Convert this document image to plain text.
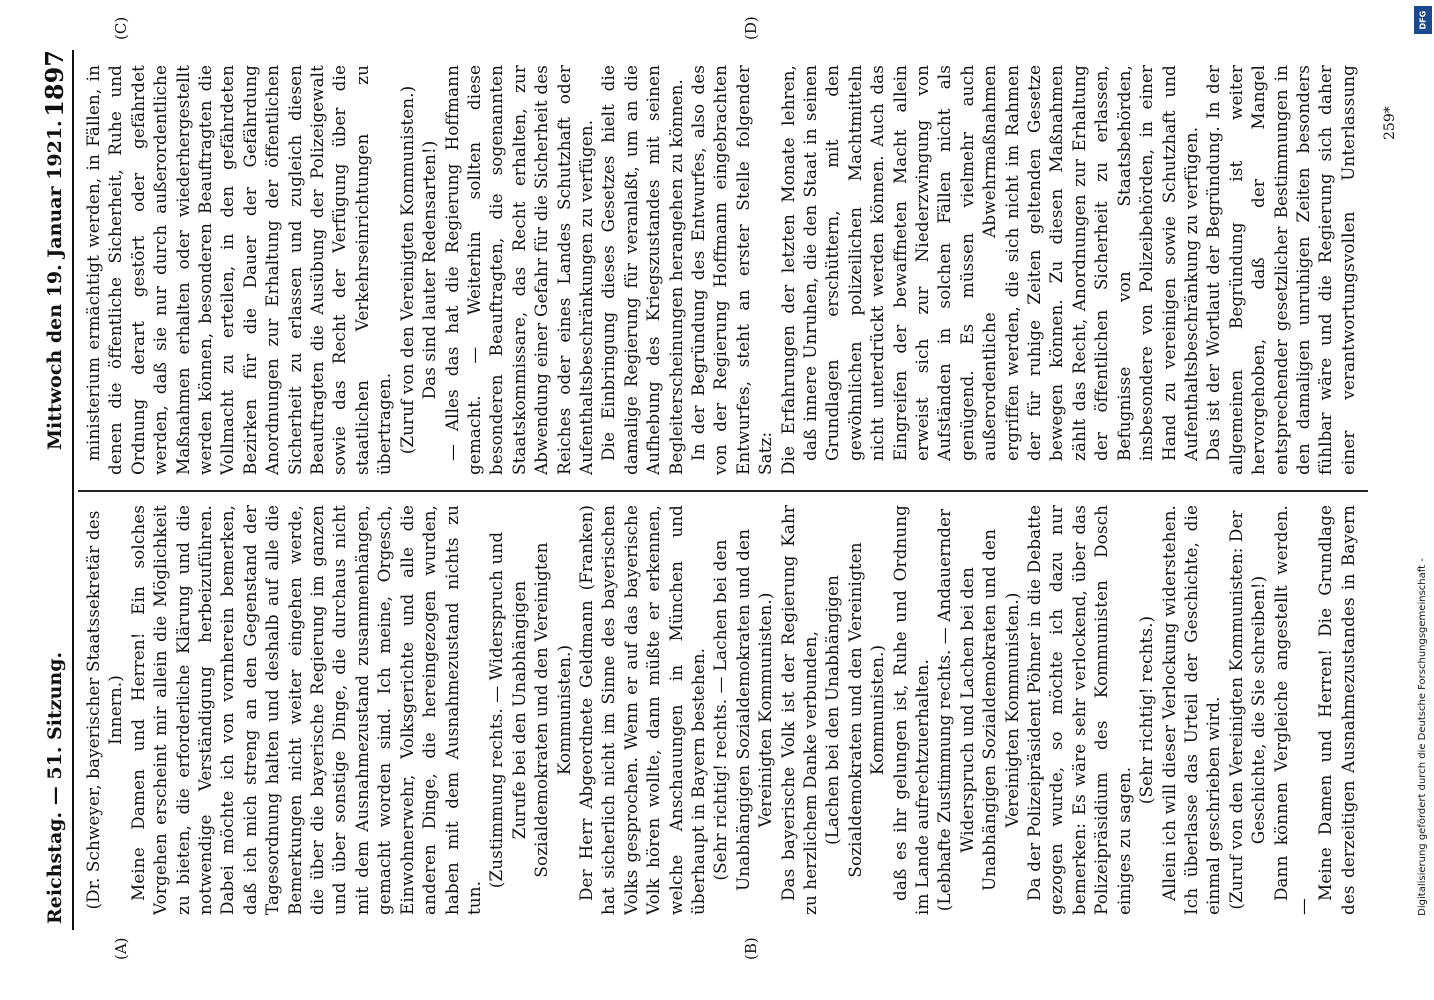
Reichstag. — 51. Sitzung.
Mittwoch den 19. Januar 1921.
1897
(A)	(B)
(C)	(D)

(Dr. Schweyer, bayerischer Staatssekretär des Innern.) Meine Damen und Herren! Ein solches Vorgehen erscheint mir allein die Möglichkeit zu bieten, die erforderliche Klärung und die notwendige Verständigung herbeizuführen. Dabei möchte ich von vornherein bemerken, daß ich mich streng an den Gegenstand der Tagesordnung halten und deshalb auf alle die Bemerkungen nicht weiter eingehen werde, die über die bayerische Regierung im ganzen und über sonstige Dinge, die durchaus nicht mit dem Ausnahmezustand zusammenhängen, gemacht worden sind. Ich meine, Orgesch, Einwohnerwehr, Volksgerichte und alle die anderen Dinge, die hereingezogen wurden, haben mit dem Ausnahmezustand nichts zu tun.

(Zustimmung rechts. — Widerspruch und Zurufe bei den Unabhängigen Sozialdemokraten und den Vereinigten Kommunisten.) Der Herr Abgeordnete Geldmann (Franken) hat sicherlich nicht im Sinne des bayerischen Volks gesprochen. Wenn er auf das bayerische Volk hören wollte, dann müßte er erkennen, welche Anschauungen in München und überhaupt in Bayern bestehen. (Sehr richtig! rechts. — Lachen bei den Unabhängigen Sozialdemokraten und den Vereinigten Kommunisten.) Das bayerische Volk ist der Regierung Kahr zu herzlichem Danke verbunden, (Lachen bei den Unabhängigen Sozialdemokraten und den Vereinigten Kommunisten.) daß es ihr gelungen ist, Ruhe und Ordnung im Lande aufrechtzuerhalten. (Lebhafte Zustimmung rechts. — Andauernder Widerspruch und Lachen bei den Unabhängigen Sozialdemokraten und den Vereinigten Kommunisten.) Da der Polizeipräsident Pöhner in die Debatte gezogen wurde, so möchte ich dazu nur bemerken: Es wäre sehr verlockend, über das Polizeipräsidium des Kommunisten Dosch einiges zu sagen.

(Sehr richtig! rechts.) Allein ich will dieser Verlockung widerstehen. Ich überlasse das Urteil der Geschichte, die einmal geschrieben wird. (Zuruf von den Vereinigten Kommunisten: Der Geschichte, die Sie schreiben!) Dann können Vergleiche angestellt werden. —

Meine Damen und Herren! Die Grundlage des derzeitigen Ausnahmezustandes in Bayern

ministerium ermächtigt werden, in Fällen, in denen die öffentliche Sicherheit, Ruhe und Ordnung derart gestört oder gefährdet werden, daß sie nur durch außerordentliche Maßnahmen erhalten oder wiederhergestellt werden können, besonderen Beauftragten die Vollmacht zu erteilen, in den gefährdeten Bezirken für die Dauer der Gefährdung Anordnungen zur Erhaltung der öffentlichen Sicherheit zu erlassen und zugleich diesen Beauftragten die Ausübung der Polizeigewalt sowie das Recht der Verfügung über die staatlichen Verkehrseinrichtungen zu übertragen. (Zuruf von den Vereinigten Kommunisten.) Das sind lauter Redensarten!) — Alles das hat die Regierung Hoffmann gemacht. — Weiterhin sollten diese besonderen Beauftragten, die sogenannten Staatskommissare, das Recht erhalten, zur Abwendung einer Gefahr für die Sicherheit des Reiches oder eines Landes Schutzhaft oder Aufenthaltsbeschränkungen zu verfügen. Die Einbringung dieses Gesetzes hielt die damalige Regierung für veranlaßt, um an die Aufhebung des Kriegszustandes mit seinen Begleiterscheinungen herangehen zu können. In der Begründung des Entwurfes, also des von der Regierung Hoffmann eingebrachten Entwurfes, steht an erster Stelle folgender Satz: Die Erfahrungen der letzten Monate lehren, daß innere Unruhen, die den Staat in seinen Grundlagen erschüttern, mit den gewöhnlichen polizeilichen Machtmitteln nicht unterdrückt werden können. Auch das Eingreifen der bewaffneten Macht allein erweist sich zur Niederzwingung von Aufständen in solchen Fällen nicht als genügend. Es müssen vielmehr auch außerordentliche Abwehrmaßnahmen ergriffen werden, die sich nicht im Rahmen der für ruhige Zeiten geltenden Gesetze bewegen können. Zu diesen Maßnahmen zählt das Recht, Anordnungen zur Erhaltung der öffentlichen Sicherheit zu erlassen, Befugnisse von Staatsbehörden, insbesondere von Polizeibehörden, in einer Hand zu vereinigen sowie Schutzhaft und Aufenthaltsbeschränkung zu verfügen. Das ist der Wortlaut der Begründung. In der allgemeinen Begründung ist weiter hervorgehoben, daß der Mangel entsprechender gesetzlicher Bestimmungen in den damaligen unruhigen Zeiten besonders fühlbar wäre und die Regierung sich daher einer verantwortungsvollen Unterlassung	259*
DFG
Digitalisierung gefördert durch die Deutsche Forschungsgemeinschaft -
